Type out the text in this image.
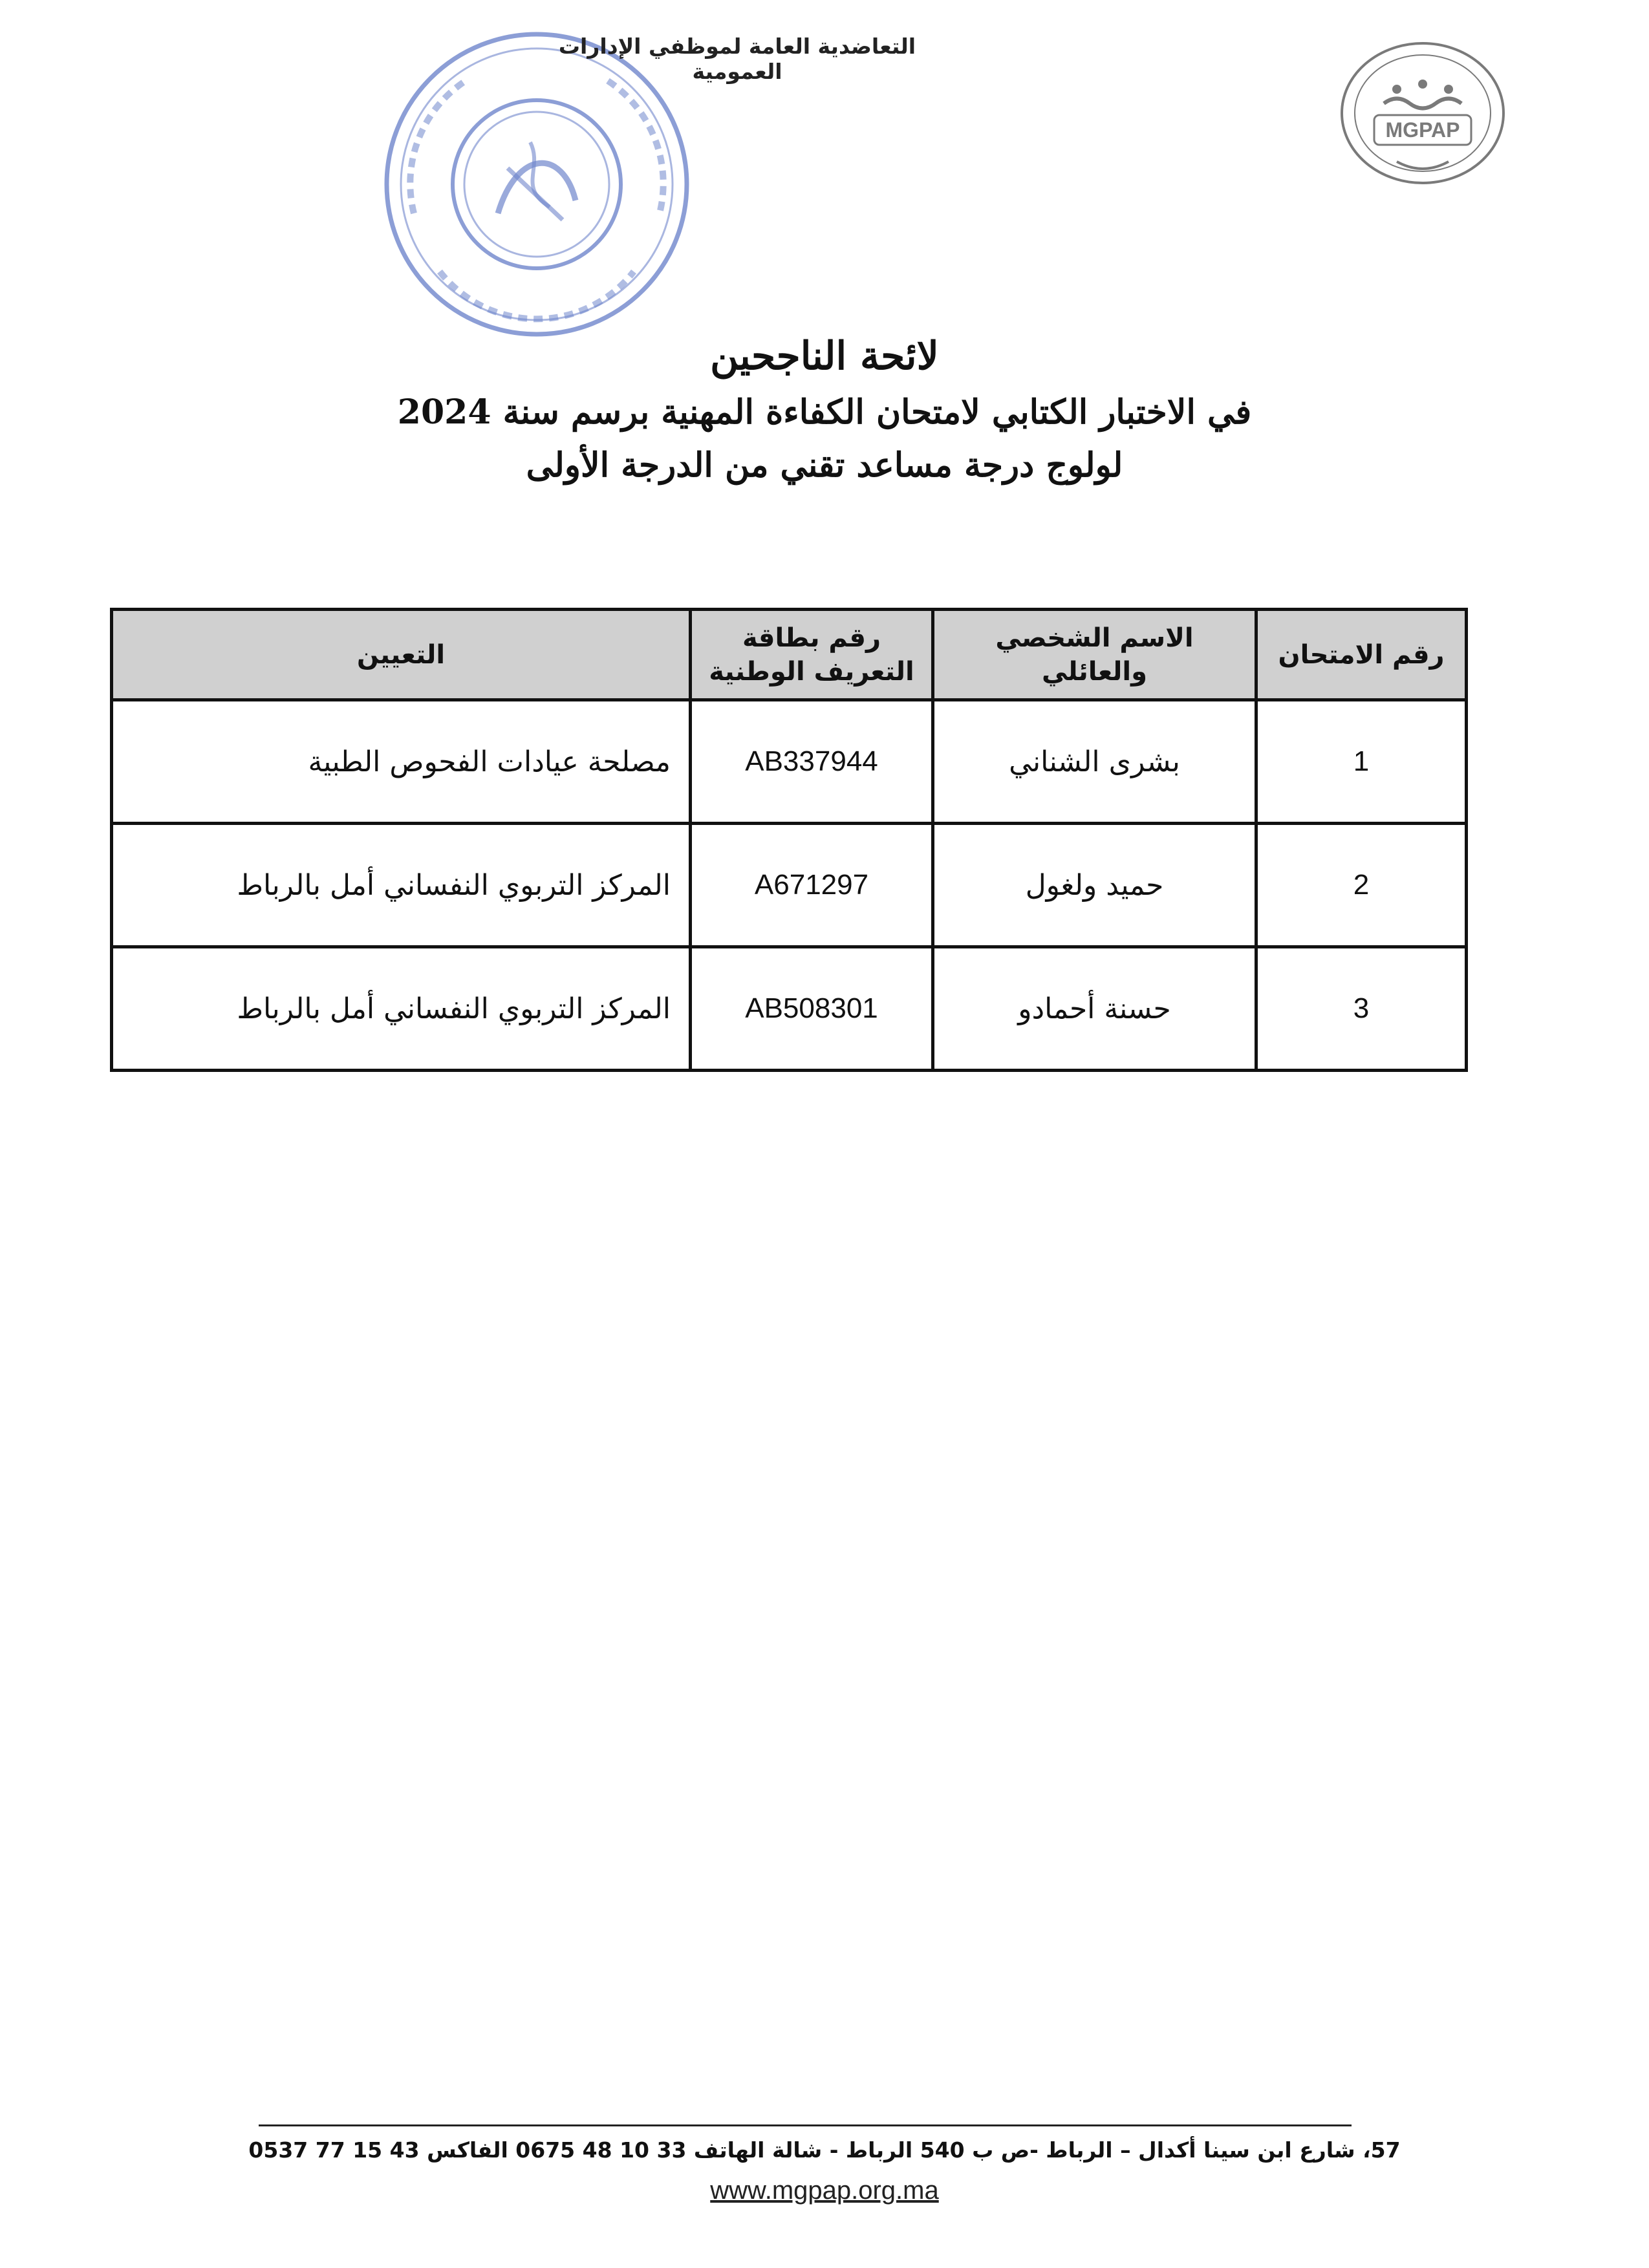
التعاضدية العامة لموظفي الإدارات العمومية
MGPAP
لائحة الناجحين
في الاختبار الكتابي لامتحان الكفاءة المهنية برسم سنة 2024
لولوج درجة مساعد تقني من الدرجة الأولى
رقم الامتحان	الاسم الشخصي والعائلي	رقم بطاقة التعريف الوطنية	التعيين
1	بشرى الشناني	AB337944	مصلحة عيادات الفحوص الطبية
2	حميد ولغول	A671297	المركز التربوي النفساني أمل بالرباط
3	حسنة أحمادو	AB508301	المركز التربوي النفساني أمل بالرباط
57، شارع ابن سينا أكدال – الرباط -ص ب 540 الرباط - شالة الهاتف 33 10 48 0675 الفاكس 43 15 77 0537
www.mgpap.org.ma
